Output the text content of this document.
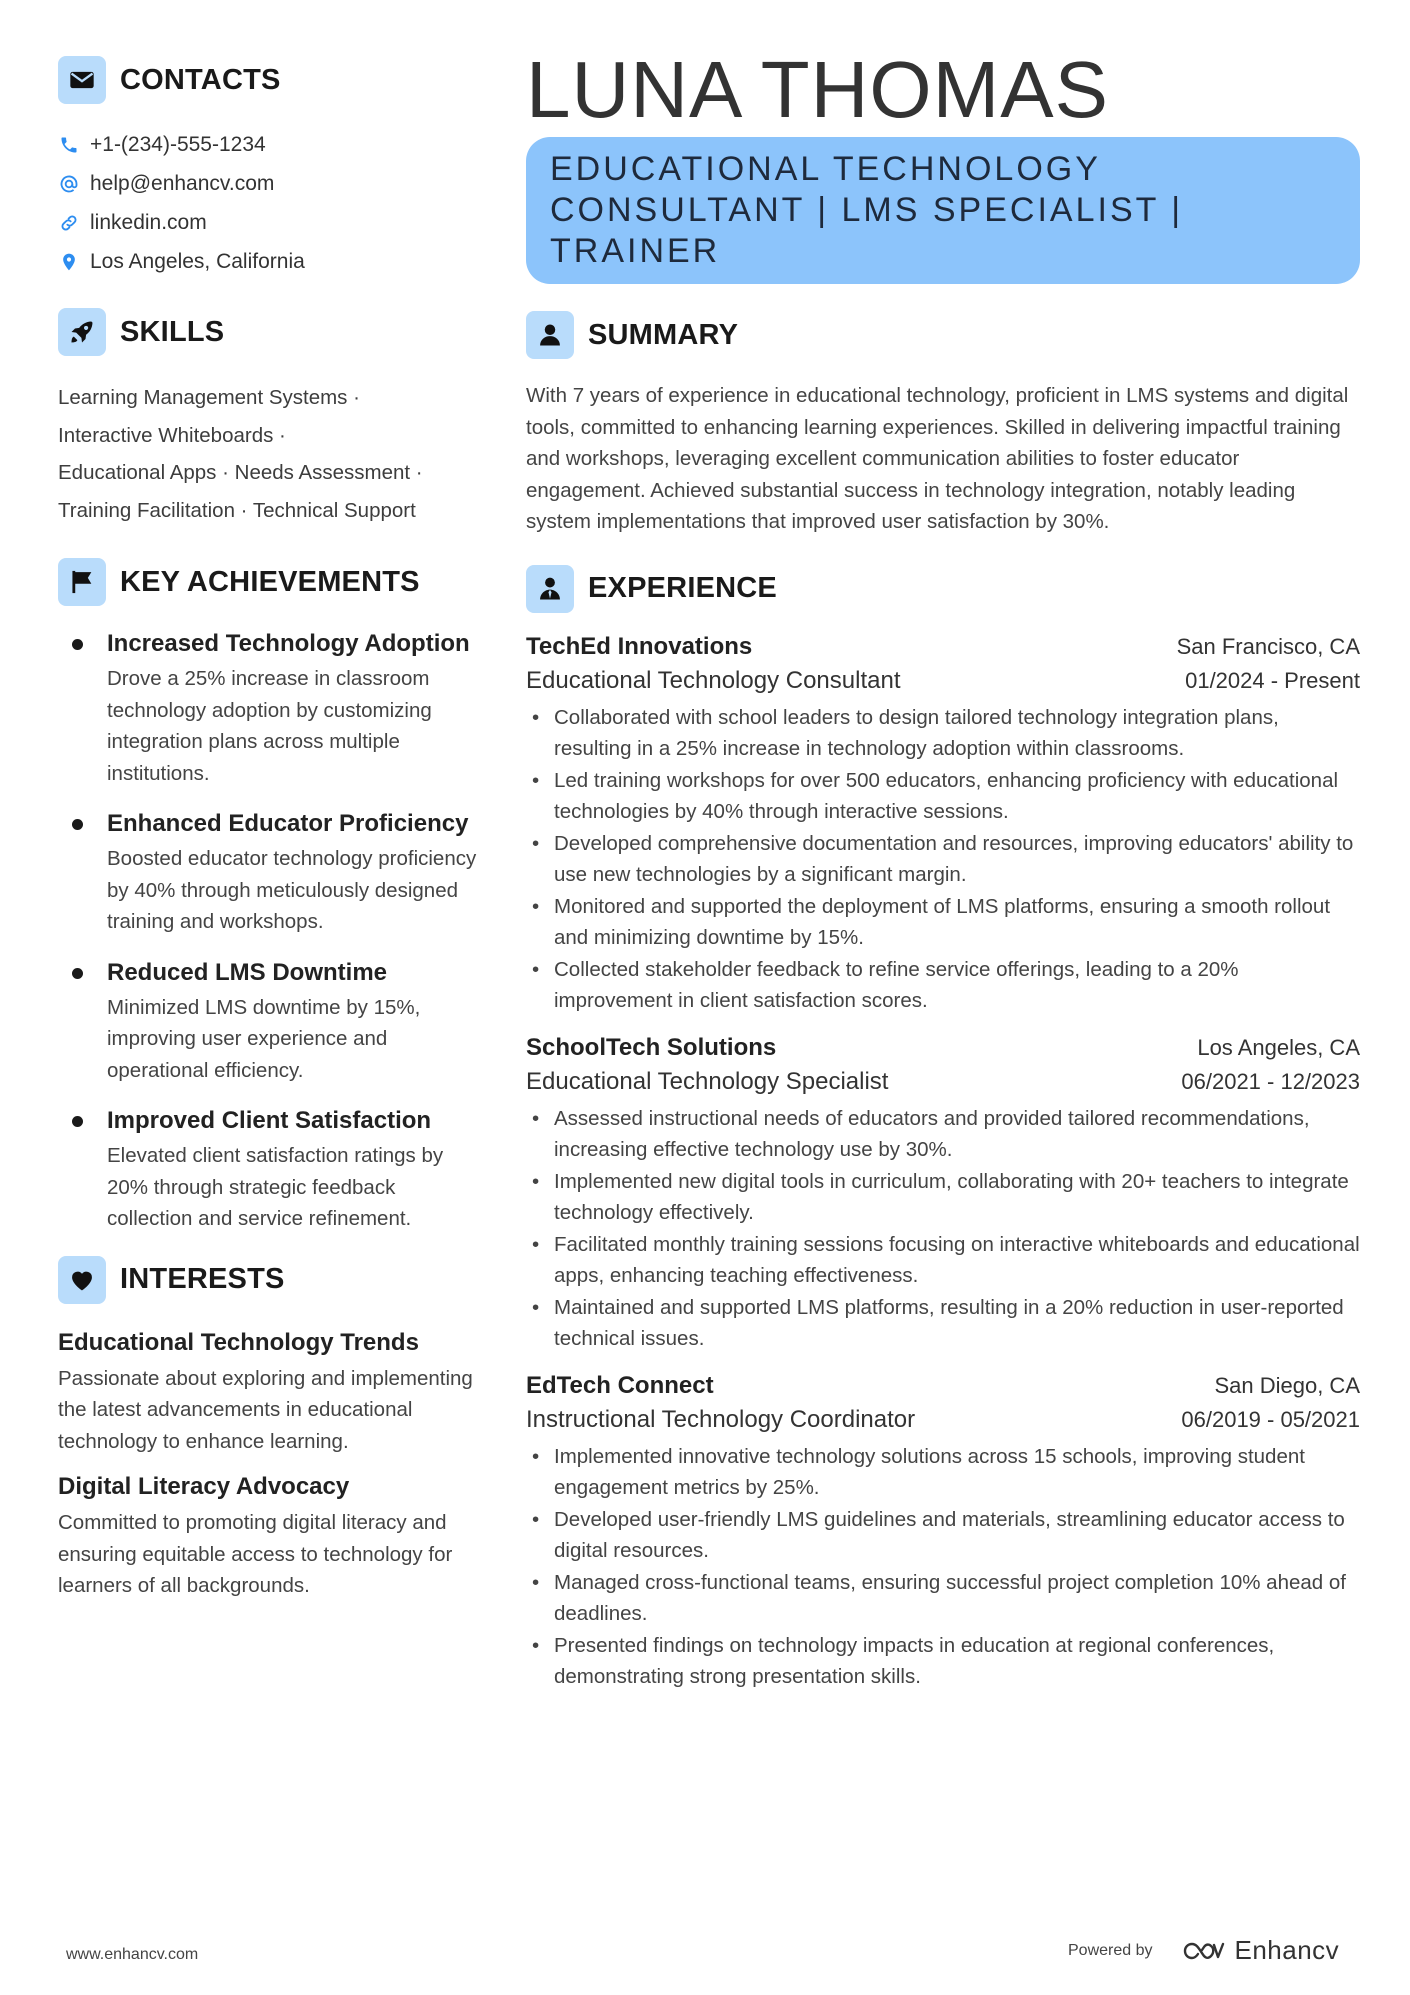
CONTACTS
+1-(234)-555-1234
help@enhancv.com
linkedin.com
Los Angeles, California
SKILLS
Learning Management Systems ·
Interactive Whiteboards ·
Educational Apps · Needs Assessment ·
Training Facilitation · Technical Support
KEY ACHIEVEMENTS
Increased Technology Adoption
Drove a 25% increase in classroom technology adoption by customizing integration plans across multiple institutions.
Enhanced Educator Proficiency
Boosted educator technology proficiency by 40% through meticulously designed training and workshops.
Reduced LMS Downtime
Minimized LMS downtime by 15%, improving user experience and operational efficiency.
Improved Client Satisfaction
Elevated client satisfaction ratings by 20% through strategic feedback collection and service refinement.
INTERESTS
Educational Technology Trends
Passionate about exploring and implementing the latest advancements in educational technology to enhance learning.
Digital Literacy Advocacy
Committed to promoting digital literacy and ensuring equitable access to technology for learners of all backgrounds.
LUNA THOMAS
EDUCATIONAL TECHNOLOGY
CONSULTANT | LMS SPECIALIST |
TRAINER
SUMMARY
With 7 years of experience in educational technology, proficient in LMS systems and digital tools, committed to enhancing learning experiences. Skilled in delivering impactful training and workshops, leveraging excellent communication abilities to foster educator engagement. Achieved substantial success in technology integration, notably leading system implementations that improved user satisfaction by 30%.
EXPERIENCE
TechEd Innovations	San Francisco, CA
Educational Technology Consultant	01/2024 - Present
• Collaborated with school leaders to design tailored technology integration plans, resulting in a 25% increase in technology adoption within classrooms.
• Led training workshops for over 500 educators, enhancing proficiency with educational technologies by 40% through interactive sessions.
• Developed comprehensive documentation and resources, improving educators' ability to use new technologies by a significant margin.
• Monitored and supported the deployment of LMS platforms, ensuring a smooth rollout and minimizing downtime by 15%.
• Collected stakeholder feedback to refine service offerings, leading to a 20% improvement in client satisfaction scores.
SchoolTech Solutions	Los Angeles, CA
Educational Technology Specialist	06/2021 - 12/2023
• Assessed instructional needs of educators and provided tailored recommendations, increasing effective technology use by 30%.
• Implemented new digital tools in curriculum, collaborating with 20+ teachers to integrate technology effectively.
• Facilitated monthly training sessions focusing on interactive whiteboards and educational apps, enhancing teaching effectiveness.
• Maintained and supported LMS platforms, resulting in a 20% reduction in user-reported technical issues.
EdTech Connect	San Diego, CA
Instructional Technology Coordinator	06/2019 - 05/2021
• Implemented innovative technology solutions across 15 schools, improving student engagement metrics by 25%.
• Developed user-friendly LMS guidelines and materials, streamlining educator access to digital resources.
• Managed cross-functional teams, ensuring successful project completion 10% ahead of deadlines.
• Presented findings on technology impacts in education at regional conferences, demonstrating strong presentation skills.
www.enhancv.com	Powered by	Enhancv
